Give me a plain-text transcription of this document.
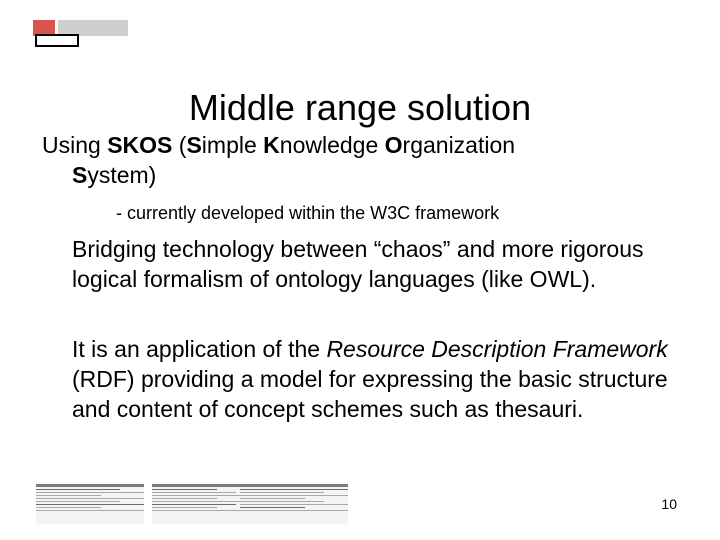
Middle range solution
Using SKOS (Simple Knowledge Organization
System)
- currently developed within the W3C framework
Bridging technology between “chaos” and more rigorous logical formalism of ontology languages (like OWL).
It is an application of the Resource Description Framework (RDF) providing a model for expressing the basic structure and content of concept schemes such as thesauri.
10
